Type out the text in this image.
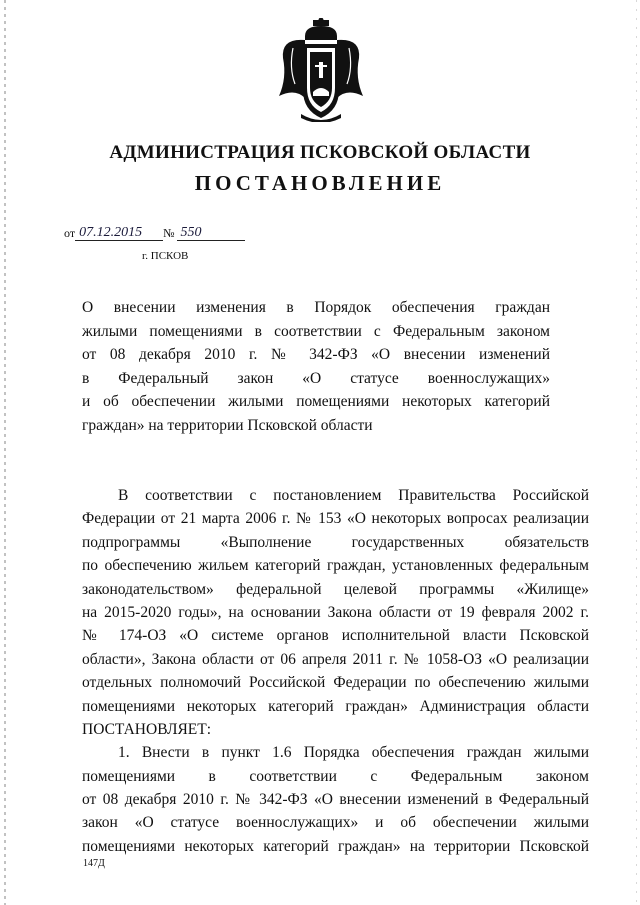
АДМИНИСТРАЦИЯ ПСКОВСКОЙ ОБЛАСТИ
ПОСТАНОВЛЕНИЕ
от 07.12.2015	№ 550
г. ПСКОВ
О внесении изменения в Порядок обеспечения граждан
жилыми помещениями в соответствии с Федеральным законом
от 08 декабря 2010 г. № 342-ФЗ «О внесении изменений
в Федеральный закон «О статусе военнослужащих»
и об обеспечении жилыми помещениями некоторых категорий
граждан» на территории Псковской области
В соответствии с постановлением Правительства Российской
Федерации от 21 марта 2006 г. № 153 «О некоторых вопросах реализации
подпрограммы «Выполнение государственных обязательств
по обеспечению жильем категорий граждан, установленных федеральным
законодательством» федеральной целевой программы «Жилище»
на 2015-2020 годы», на основании Закона области от 19 февраля 2002 г.
№ 174-ОЗ «О системе органов исполнительной власти Псковской
области», Закона области от 06 апреля 2011 г. № 1058-ОЗ «О реализации
отдельных полномочий Российской Федерации по обеспечению жилыми
помещениями некоторых категорий граждан» Администрация области
ПОСТАНОВЛЯЕТ:
1. Внести в пункт 1.6 Порядка обеспечения граждан жилыми
помещениями в соответствии с Федеральным законом
от 08 декабря 2010 г. № 342-ФЗ «О внесении изменений в Федеральный
закон «О статусе военнослужащих» и об обеспечении жилыми
помещениями некоторых категорий граждан» на территории Псковской
147Д
